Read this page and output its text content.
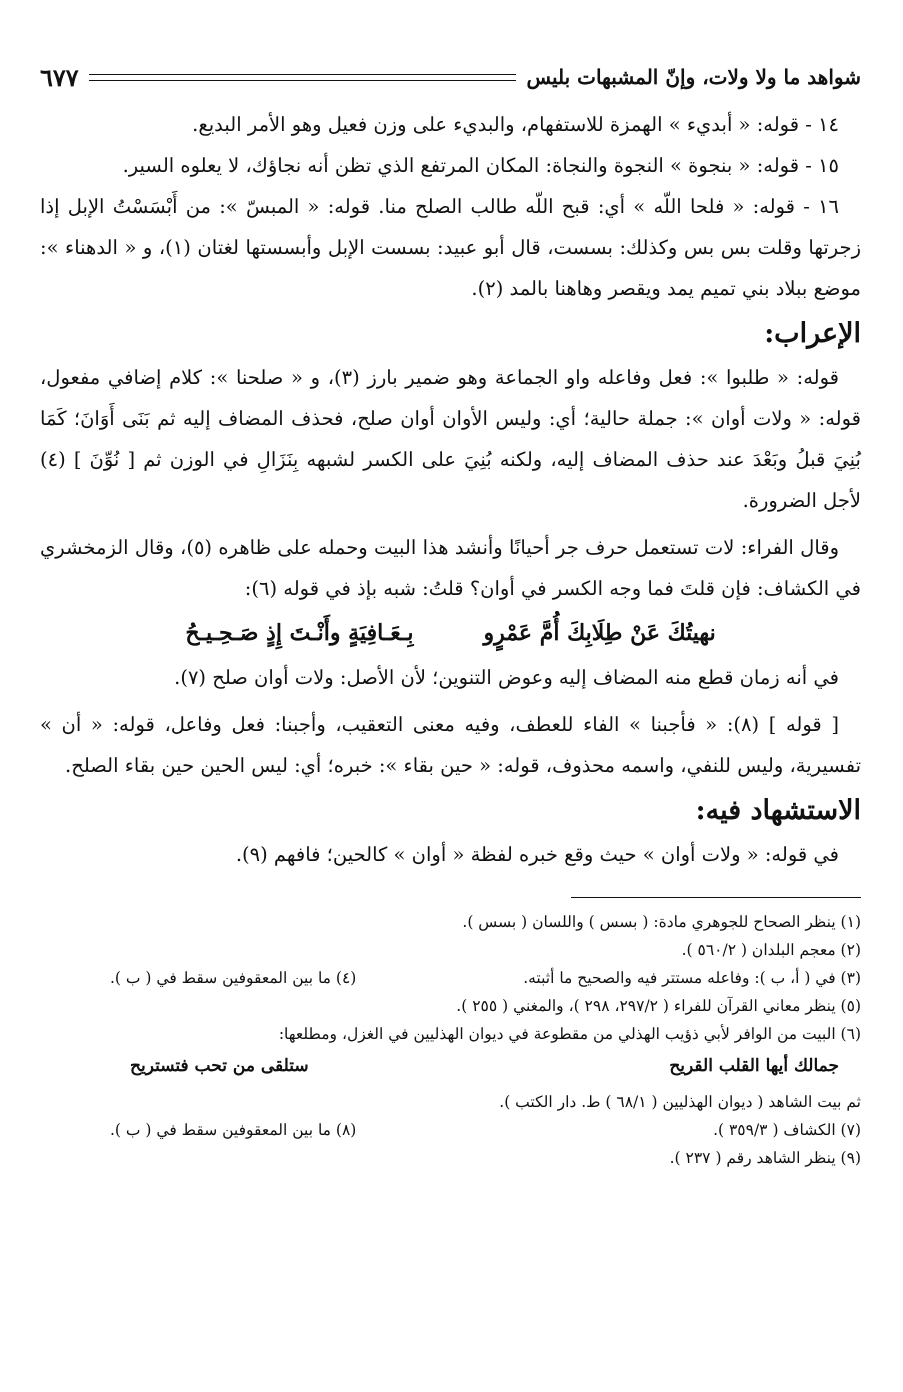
شواهد ما ولا ولات، وإنّ المشبهات بليس
٦٧٧

١٤ - قوله: « أبديء » الهمزة للاستفهام، والبديء على وزن فعيل وهو الأمر البديع.

١٥ - قوله: « بنجوة » النجوة والنجاة: المكان المرتفع الذي تظن أنه نجاؤك، لا يعلوه السير.

١٦ - قوله: « فلحا اللّه » أي: قبح اللّه طالب الصلح منا. قوله: « المبسّ »: من أَبْسَسْتُ الإبل إذا زجرتها وقلت بس بس وكذلك: بسست، قال أبو عبيد: بسست الإبل وأبسستها لغتان (١)، و « الدهناء »: موضع ببلاد بني تميم يمد ويقصر وهاهنا بالمد (٢).

الإعراب:

قوله: « طلبوا »: فعل وفاعله واو الجماعة وهو ضمير بارز (٣)، و « صلحنا »: كلام إضافي مفعول، قوله: « ولات أوان »: جملة حالية؛ أي: وليس الأوان أوان صلح، فحذف المضاف إليه ثم بَنَى أَوَانَ؛ كَمَا بُنِيَ قبلُ وبَعْدَ عند حذف المضاف إليه، ولكنه بُنِيَ على الكسر لشبهه بِنَزَالِ في الوزن ثم [ نُوِّنَ ] (٤) لأجل الضرورة.

وقال الفراء: لات تستعمل حرف جر أحيانًا وأنشد هذا البيت وحمله على ظاهره (٥)، وقال الزمخشري في الكشاف: فإن قلتَ فما وجه الكسر في أوان؟ قلتُ: شبه بإذ في قوله (٦):

نهيتُكَ عَنْ طِلَابِكَ أُمَّ عَمْرٍو
بِـعَـافِيَةٍ وأَنْـتَ إِذٍ صَـحِـيـحُ

في أنه زمان قطع منه المضاف إليه وعوض التنوين؛ لأن الأصل: ولات أوان صلح (٧).

[ قوله ] (٨): « فأجبنا » الفاء للعطف، وفيه معنى التعقيب، وأجبنا: فعل وفاعل، قوله: « أن » تفسيرية، وليس للنفي، واسمه محذوف، قوله: « حين بقاء »: خبره؛ أي: ليس الحين حين بقاء الصلح.

الاستشهاد فيه:

في قوله: « ولات أوان » حيث وقع خبره لفظة « أوان » كالحين؛ فافهم (٩).

(١) ينظر الصحاح للجوهري مادة: ( بسس ) واللسان ( بسس ).

(٢) معجم البلدان ( ٥٦٠/٢ ).

(٣) في ( أ، ب ): وفاعله مستتر فيه والصحيح ما أثبته.
(٤) ما بين المعقوفين سقط في ( ب ).

(٥) ينظر معاني القرآن للفراء ( ٢٩٧/٢، ٢٩٨ )، والمغني ( ٢٥٥ ).

(٦) البيت من الوافر لأبي ذؤيب الهذلي من مقطوعة في ديوان الهذليين في الغزل، ومطلعها:

جمالك أيها القلب القريح
ستلقى من تحب فتستريح

ثم بيت الشاهد ( ديوان الهذليين ( ٦٨/١ ) ط. دار الكتب ).

(٧) الكشاف ( ٣٥٩/٣ ).
(٨) ما بين المعقوفين سقط في ( ب ).

(٩) ينظر الشاهد رقم ( ٢٣٧ ).
